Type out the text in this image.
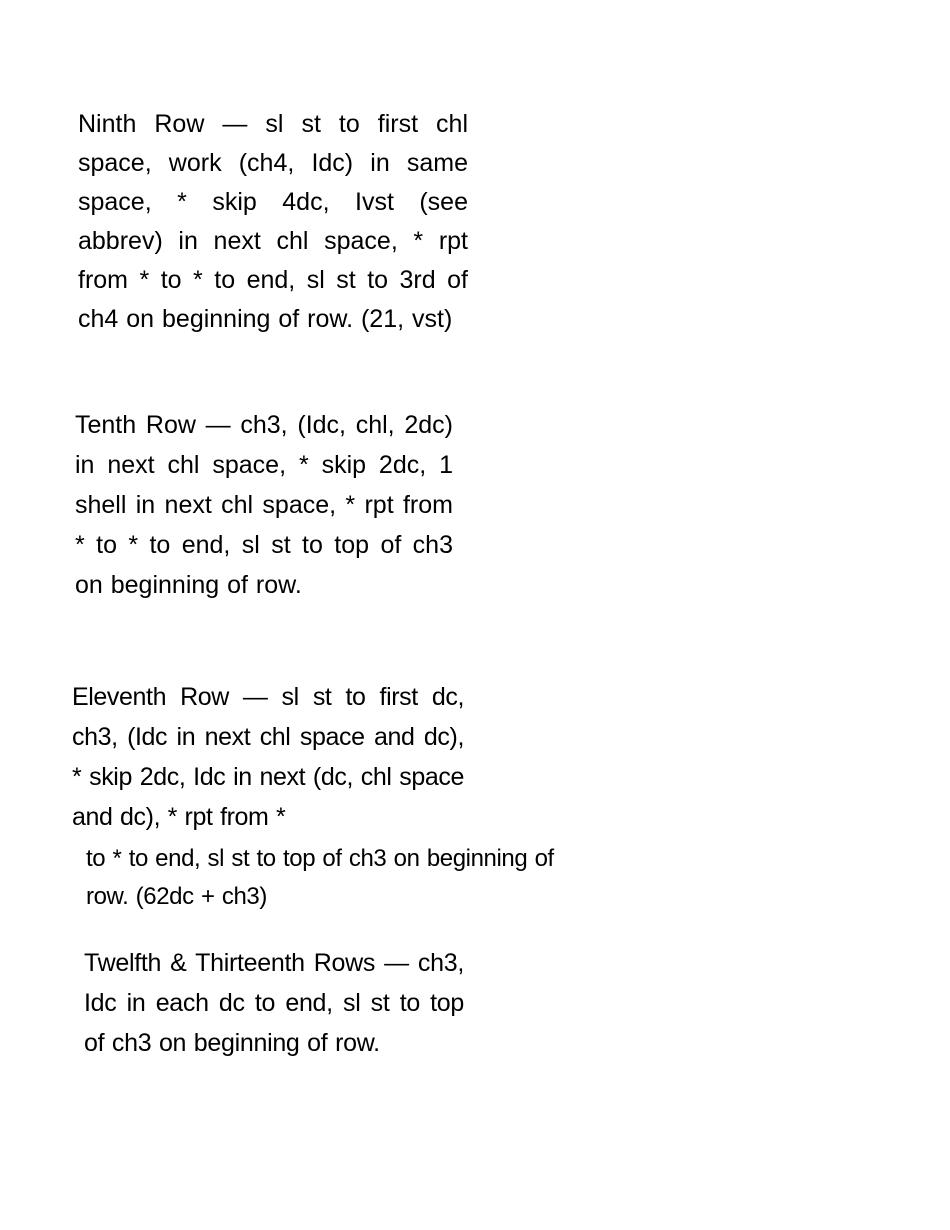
Ninth Row — sl st to first chl space, work (ch4, Idc) in same space, * skip 4dc, Ivst (see abbrev) in next chl space, * rpt from * to * to end, sl st to 3rd of ch4 on beginning of row. (21, vst)

Tenth Row — ch3, (Idc, chl, 2dc) in next chl space, * skip 2dc, 1 shell in next chl space, * rpt from * to * to end, sl st to top of ch3 on beginning of row.

Eleventh Row — sl st to first dc, ch3, (Idc in next chl space and dc), * skip 2dc, Idc in next (dc, chl space and dc), * rpt from *

to * to end, sl st to top of ch3 on beginning of row. (62dc + ch3)

Twelfth & Thirteenth Rows — ch3, Idc in each dc to end, sl st to top of ch3 on beginning of row.
